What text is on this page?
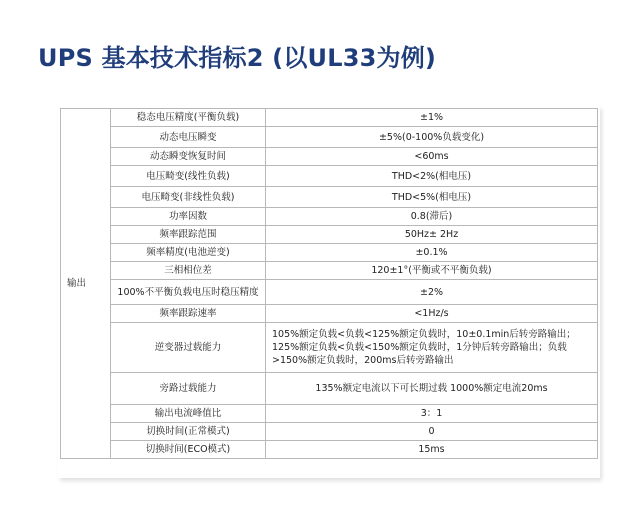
UPS 基本技术指标2 (以UL33为例)
输出	稳态电压精度(平衡负载)	±1%
	动态电压瞬变	±5%(0-100%负载变化)
	动态瞬变恢复时间	<60ms
	电压畸变(线性负载)	THD<2%(相电压)
	电压畸变(非线性负载)	THD<5%(相电压)
	功率因数	0.8(滞后)
	频率跟踪范围	50Hz± 2Hz
	频率精度(电池逆变)	±0.1%
	三相相位差	120±1°(平衡或不平衡负载)
	100%不平衡负载电压时稳压精度	±2%
	频率跟踪速率	<1Hz/s
	逆变器过载能力	105%额定负载<负载<125%额定负载时，10±0.1min后转旁路输出；125%额定负载<负载<150%额定负载时，1分钟后转旁路输出；负载>150%额定负载时，200ms后转旁路输出
	旁路过载能力	135%额定电流以下可长期过载 1000%额定电流20ms
	输出电流峰值比	3：1
	切换时间(正常模式)	0
	切换时间(ECO模式)	15ms
